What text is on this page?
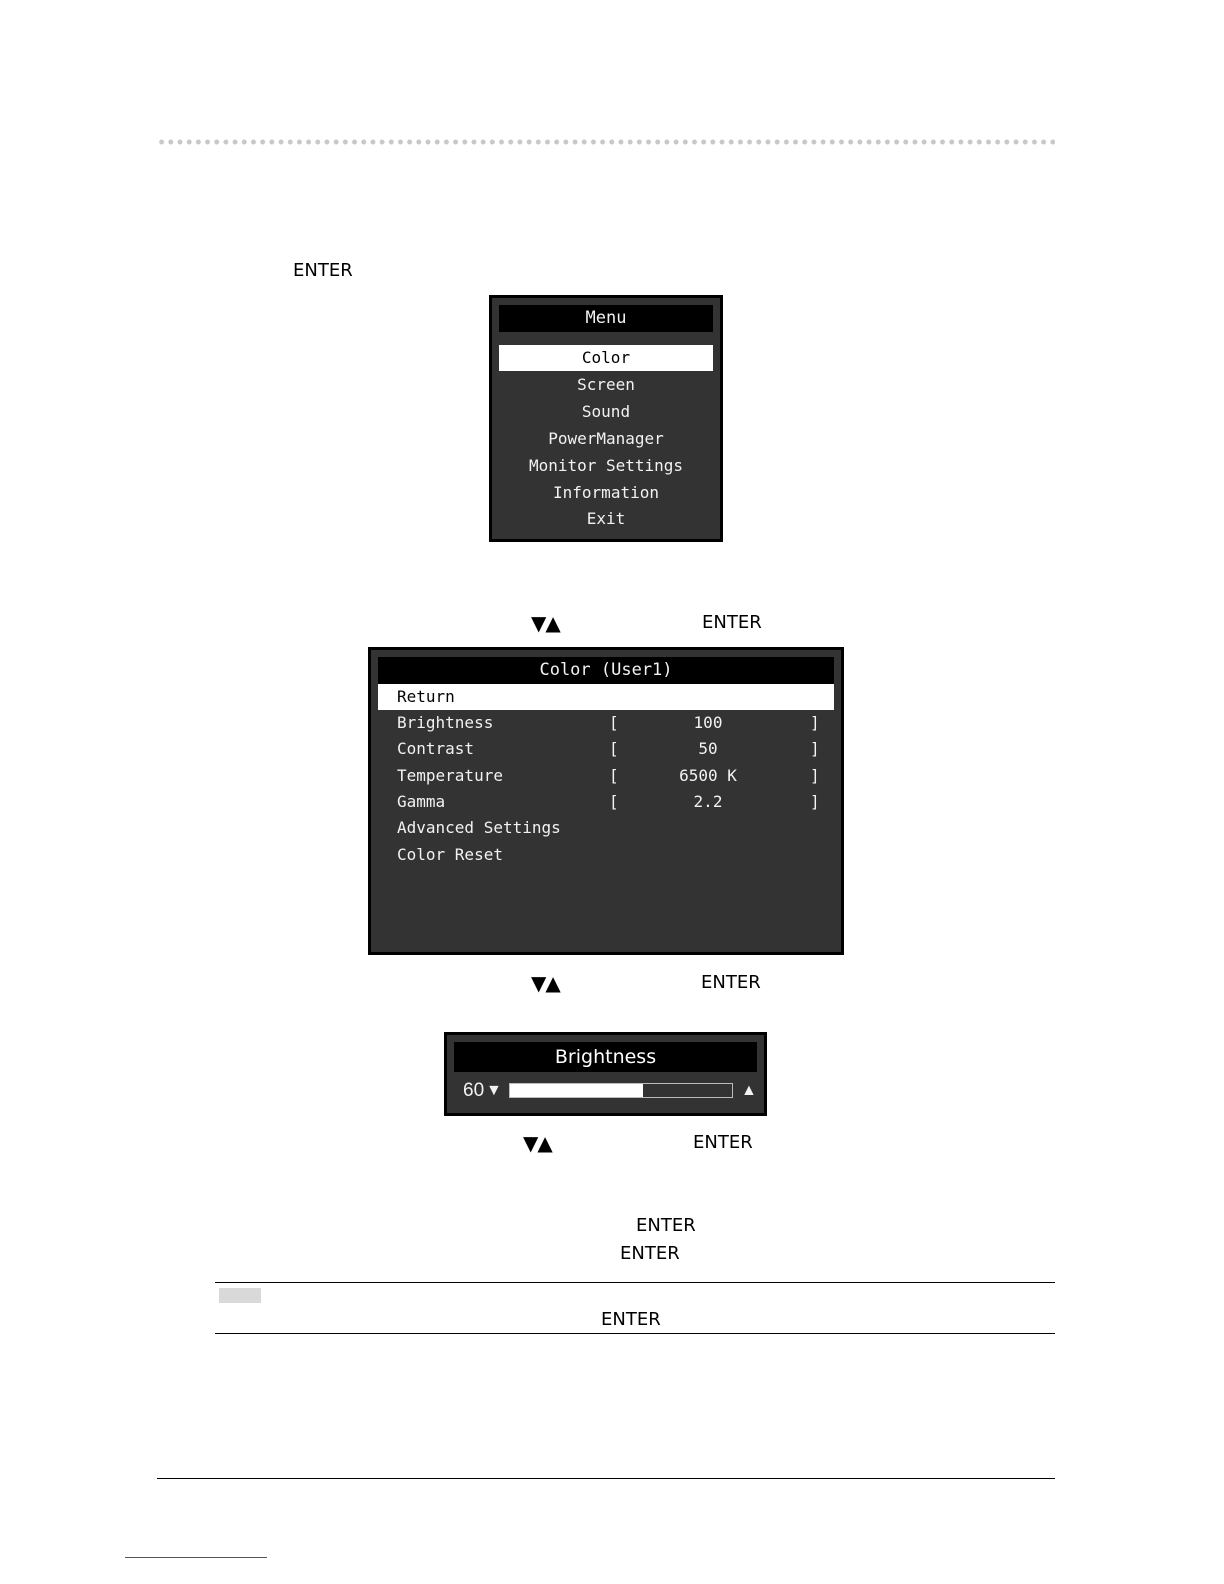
ENTER
Menu
Color
Screen
Sound
PowerManager
Monitor Settings
Information
Exit
▼▲	ENTER
Color (User1)
Return
Brightness	[	100	]
Contrast	[	50	]
Temperature	[	6500 K	]
Gamma	[	2.2	]
Advanced Settings
Color Reset
▼▲	ENTER
Brightness
60 ▼	▲
▼▲	ENTER
ENTER
ENTER
ENTER
